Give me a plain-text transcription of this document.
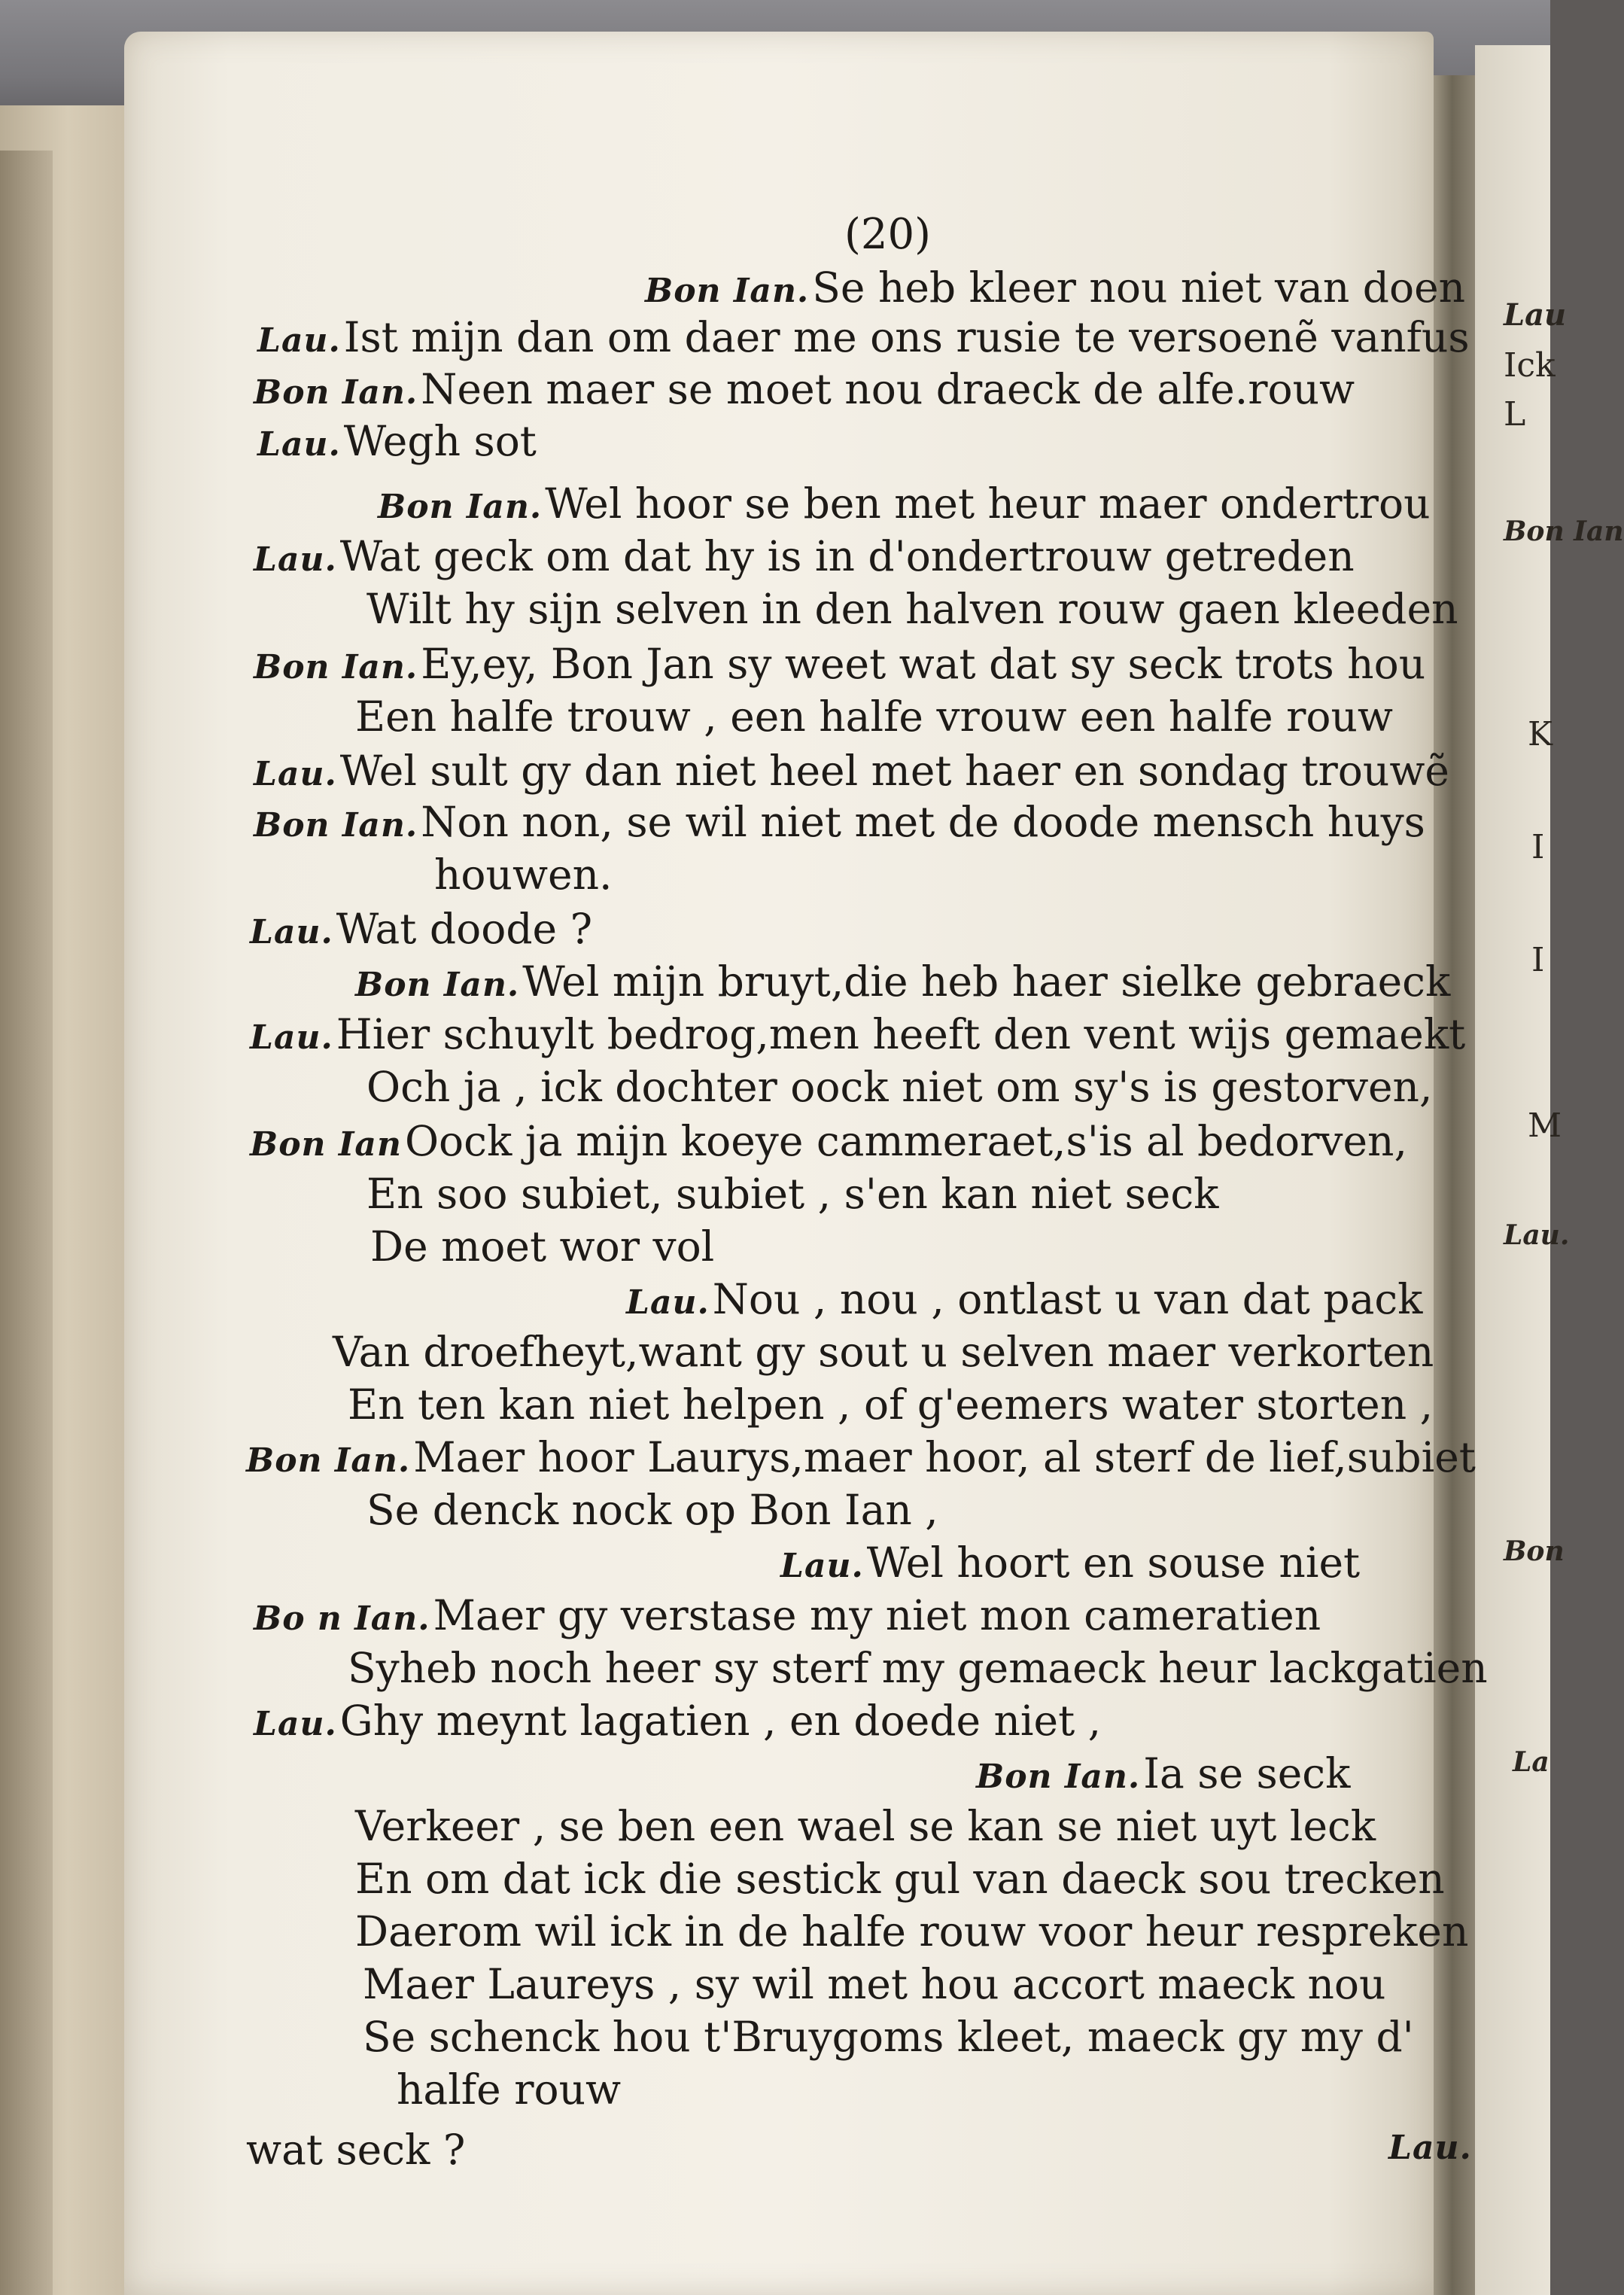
(20)
Bon Ian.Se heb kleer nou niet van doen
Lau.Ist mijn dan om daer me ons rusie te versoenẽ vanfus
Bon Ian.Neen maer se moet nou draeck de alfe.rouw
Lau.Wegh sot
Bon Ian.Wel hoor se ben met heur maer ondertrou
Lau.Wat geck om dat hy is in d'ondertrouw getreden
Wilt hy sijn selven in den halven rouw gaen kleeden
Bon Ian.Ey,ey, Bon Jan sy weet wat dat sy seck trots hou
Een halfe trouw , een halfe vrouw een halfe rouw
Lau.Wel sult gy dan niet heel met haer en sondag trouwẽ
Bon Ian.Non non, se wil niet met de doode mensch huys
houwen.
Lau.Wat doode ?
Bon Ian.Wel mijn bruyt,die heb haer sielke gebraeck
Lau.Hier schuylt bedrog,men heeft den vent wijs gemaekt
Och ja , ick dochter oock niet om sy's is gestorven,
Bon IanOock ja mijn koeye cammeraet,s'is al bedorven,
En soo subiet, subiet , s'en kan niet seck
De moet wor vol
Lau.Nou , nou , ontlast u van dat pack
Van droefheyt,want gy sout u selven maer verkorten
En ten kan niet helpen , of g'eemers water storten ,
Bon Ian.Maer hoor Laurys,maer hoor, al sterf de lief,subiet
Se denck nock op Bon Ian ,
Lau.Wel hoort en souse niet
Bo n Ian.Maer gy verstase my niet mon cameratien
Syheb noch heer sy sterf my gemaeck heur lackgatien
Lau.Ghy meynt lagatien , en doede niet ,
Bon Ian.Ia se seck
Verkeer , se ben een wael se kan se niet uyt leck
En om dat ick die sestick gul van daeck sou trecken
Daerom wil ick in de halfe rouw voor heur respreken
Maer Laureys , sy wil met hou accort maeck nou
Se schenck hou t'Bruygoms kleet, maeck gy my d'
halfe rouw
wat seck ?	Lau.
Lau
Ick
L
Bon Ian
K
I
I
M
Lau.
Bon
La
